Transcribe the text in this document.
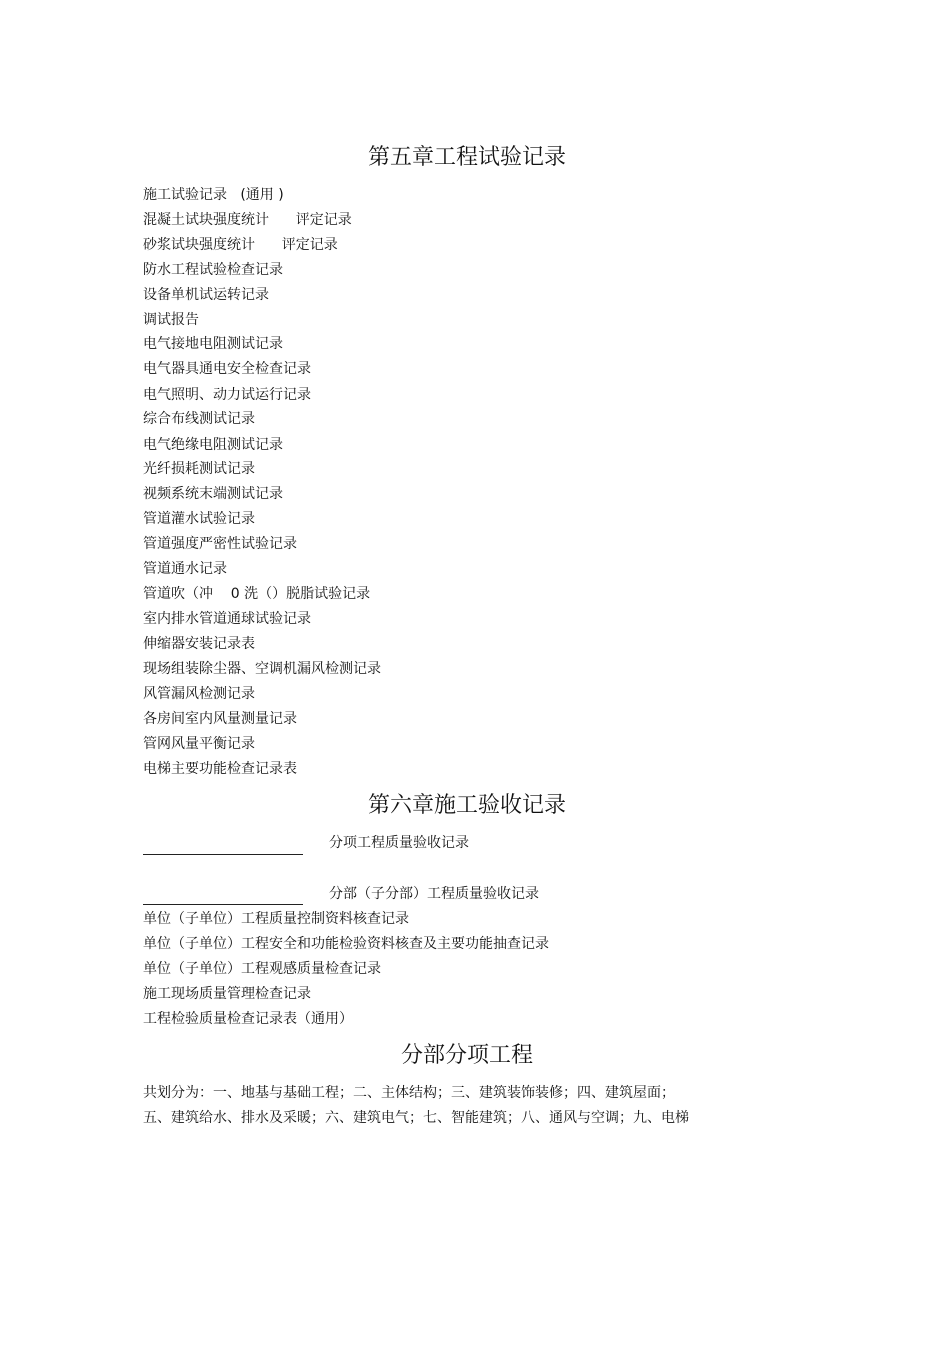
第五章工程试验记录
施工试验记录   (通用 )
混凝土试块强度统计      评定记录
砂浆试块强度统计      评定记录
防水工程试验检查记录
设备单机试运转记录
调试报告
电气接地电阻测试记录
电气器具通电安全检查记录
电气照明、动力试运行记录
综合布线测试记录
电气绝缘电阻测试记录
光纤损耗测试记录
视频系统末端测试记录
管道灌水试验记录
管道强度严密性试验记录
管道通水记录
管道吹（冲    0 洗（）脱脂试验记录
室内排水管道通球试验记录
伸缩器安装记录表
现场组装除尘器、空调机漏风检测记录
风管漏风检测记录
各房间室内风量测量记录
管网风量平衡记录
电梯主要功能检查记录表
第六章施工验收记录
分项工程质量验收记录
分部（子分部）工程质量验收记录
单位（子单位）工程质量控制资料核查记录
单位（子单位）工程安全和功能检验资料核查及主要功能抽查记录
单位（子单位）工程观感质量检查记录
施工现场质量管理检查记录
工程检验质量检查记录表（通用）
分部分项工程
共划分为：一、地基与基础工程；二、主体结构；三、建筑装饰装修；四、建筑屋面；
五、建筑给水、排水及采暖；六、建筑电气；七、智能建筑；八、通风与空调；九、电梯
